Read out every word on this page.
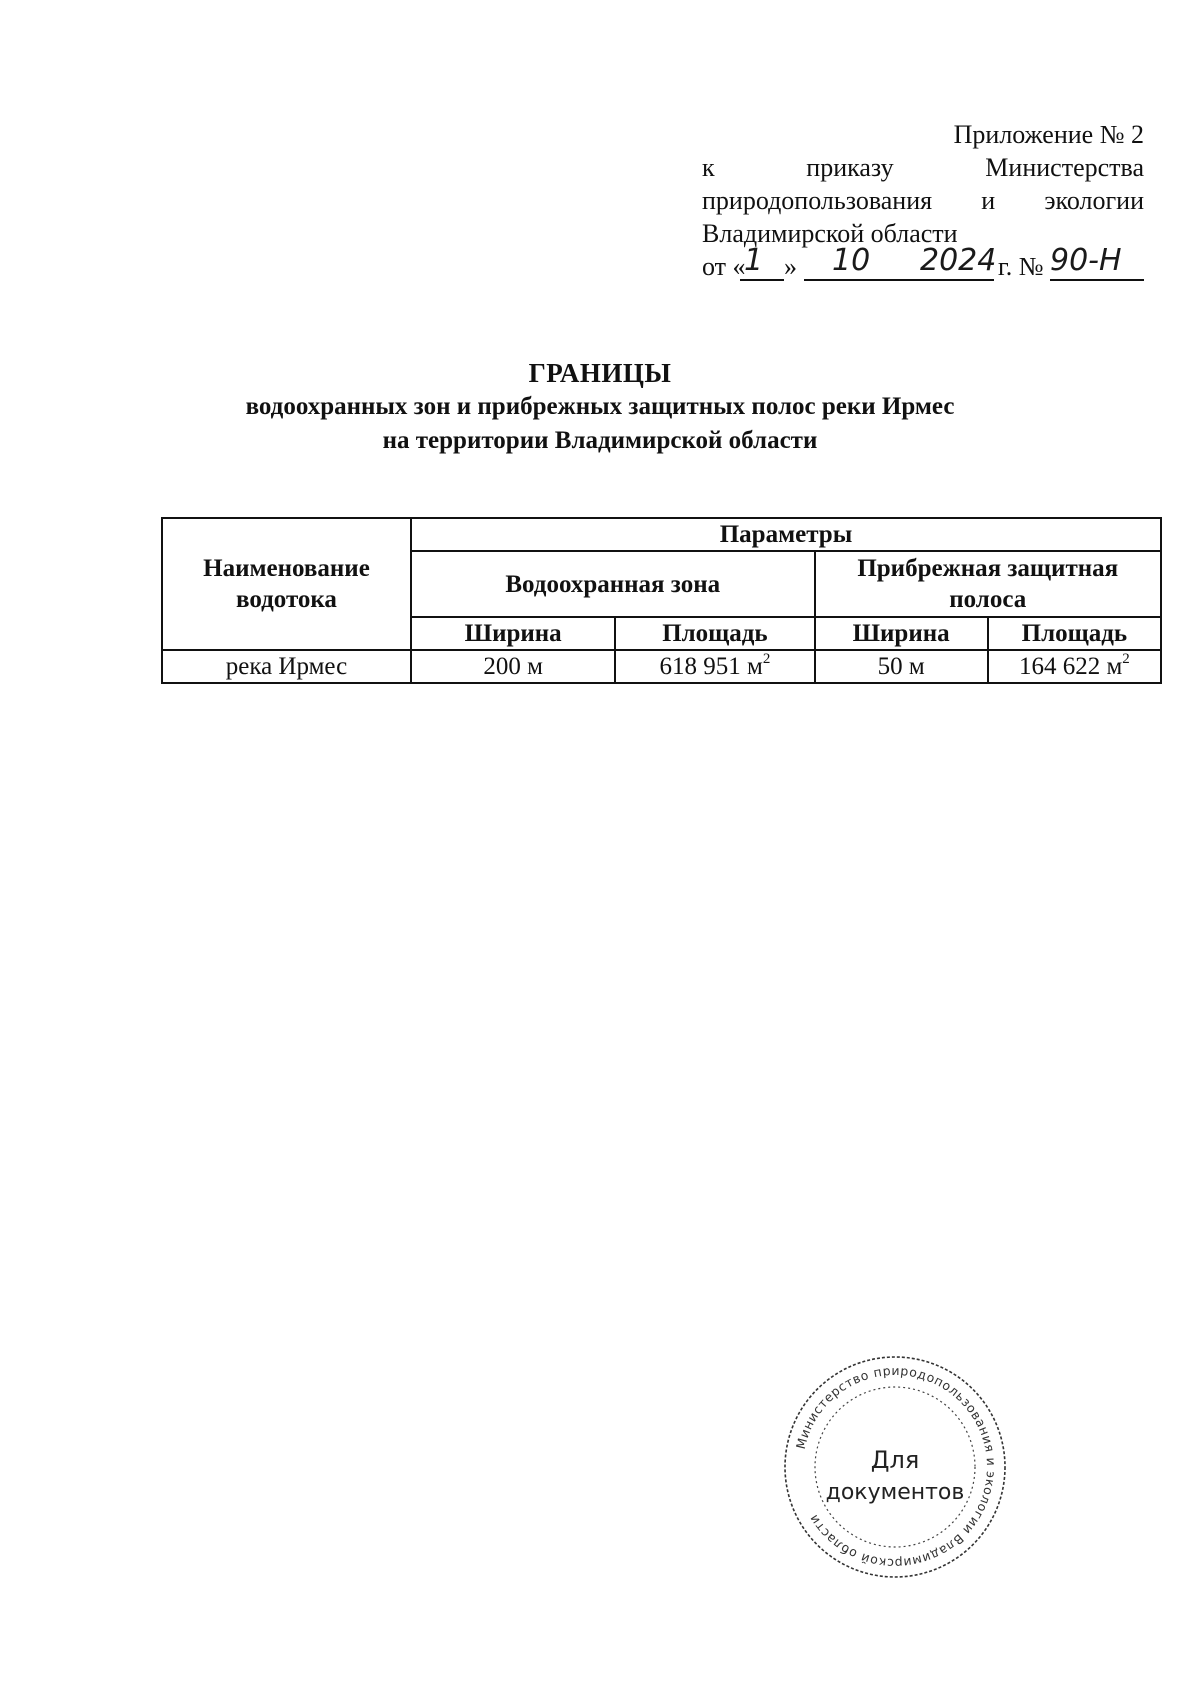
Приложение № 2
к приказу Министерства
природопользования и экологии
Владимирской области
от «
1 » 10 2024 г. № 90-Н
ГРАНИЦЫ
водоохранных зон и прибрежных защитных полос реки Ирмес
на территории Владимирской области
Наименование водотока	Параметры			
	Водоохранная зона		Прибрежная защитная полоса	
	Ширина	Площадь	Ширина	Площадь
река Ирмес	200 м	618 951 $м^2$	50 м	164 622 $м^2$
Министерство природопользования и экологии Владимирской области
Для
документов
